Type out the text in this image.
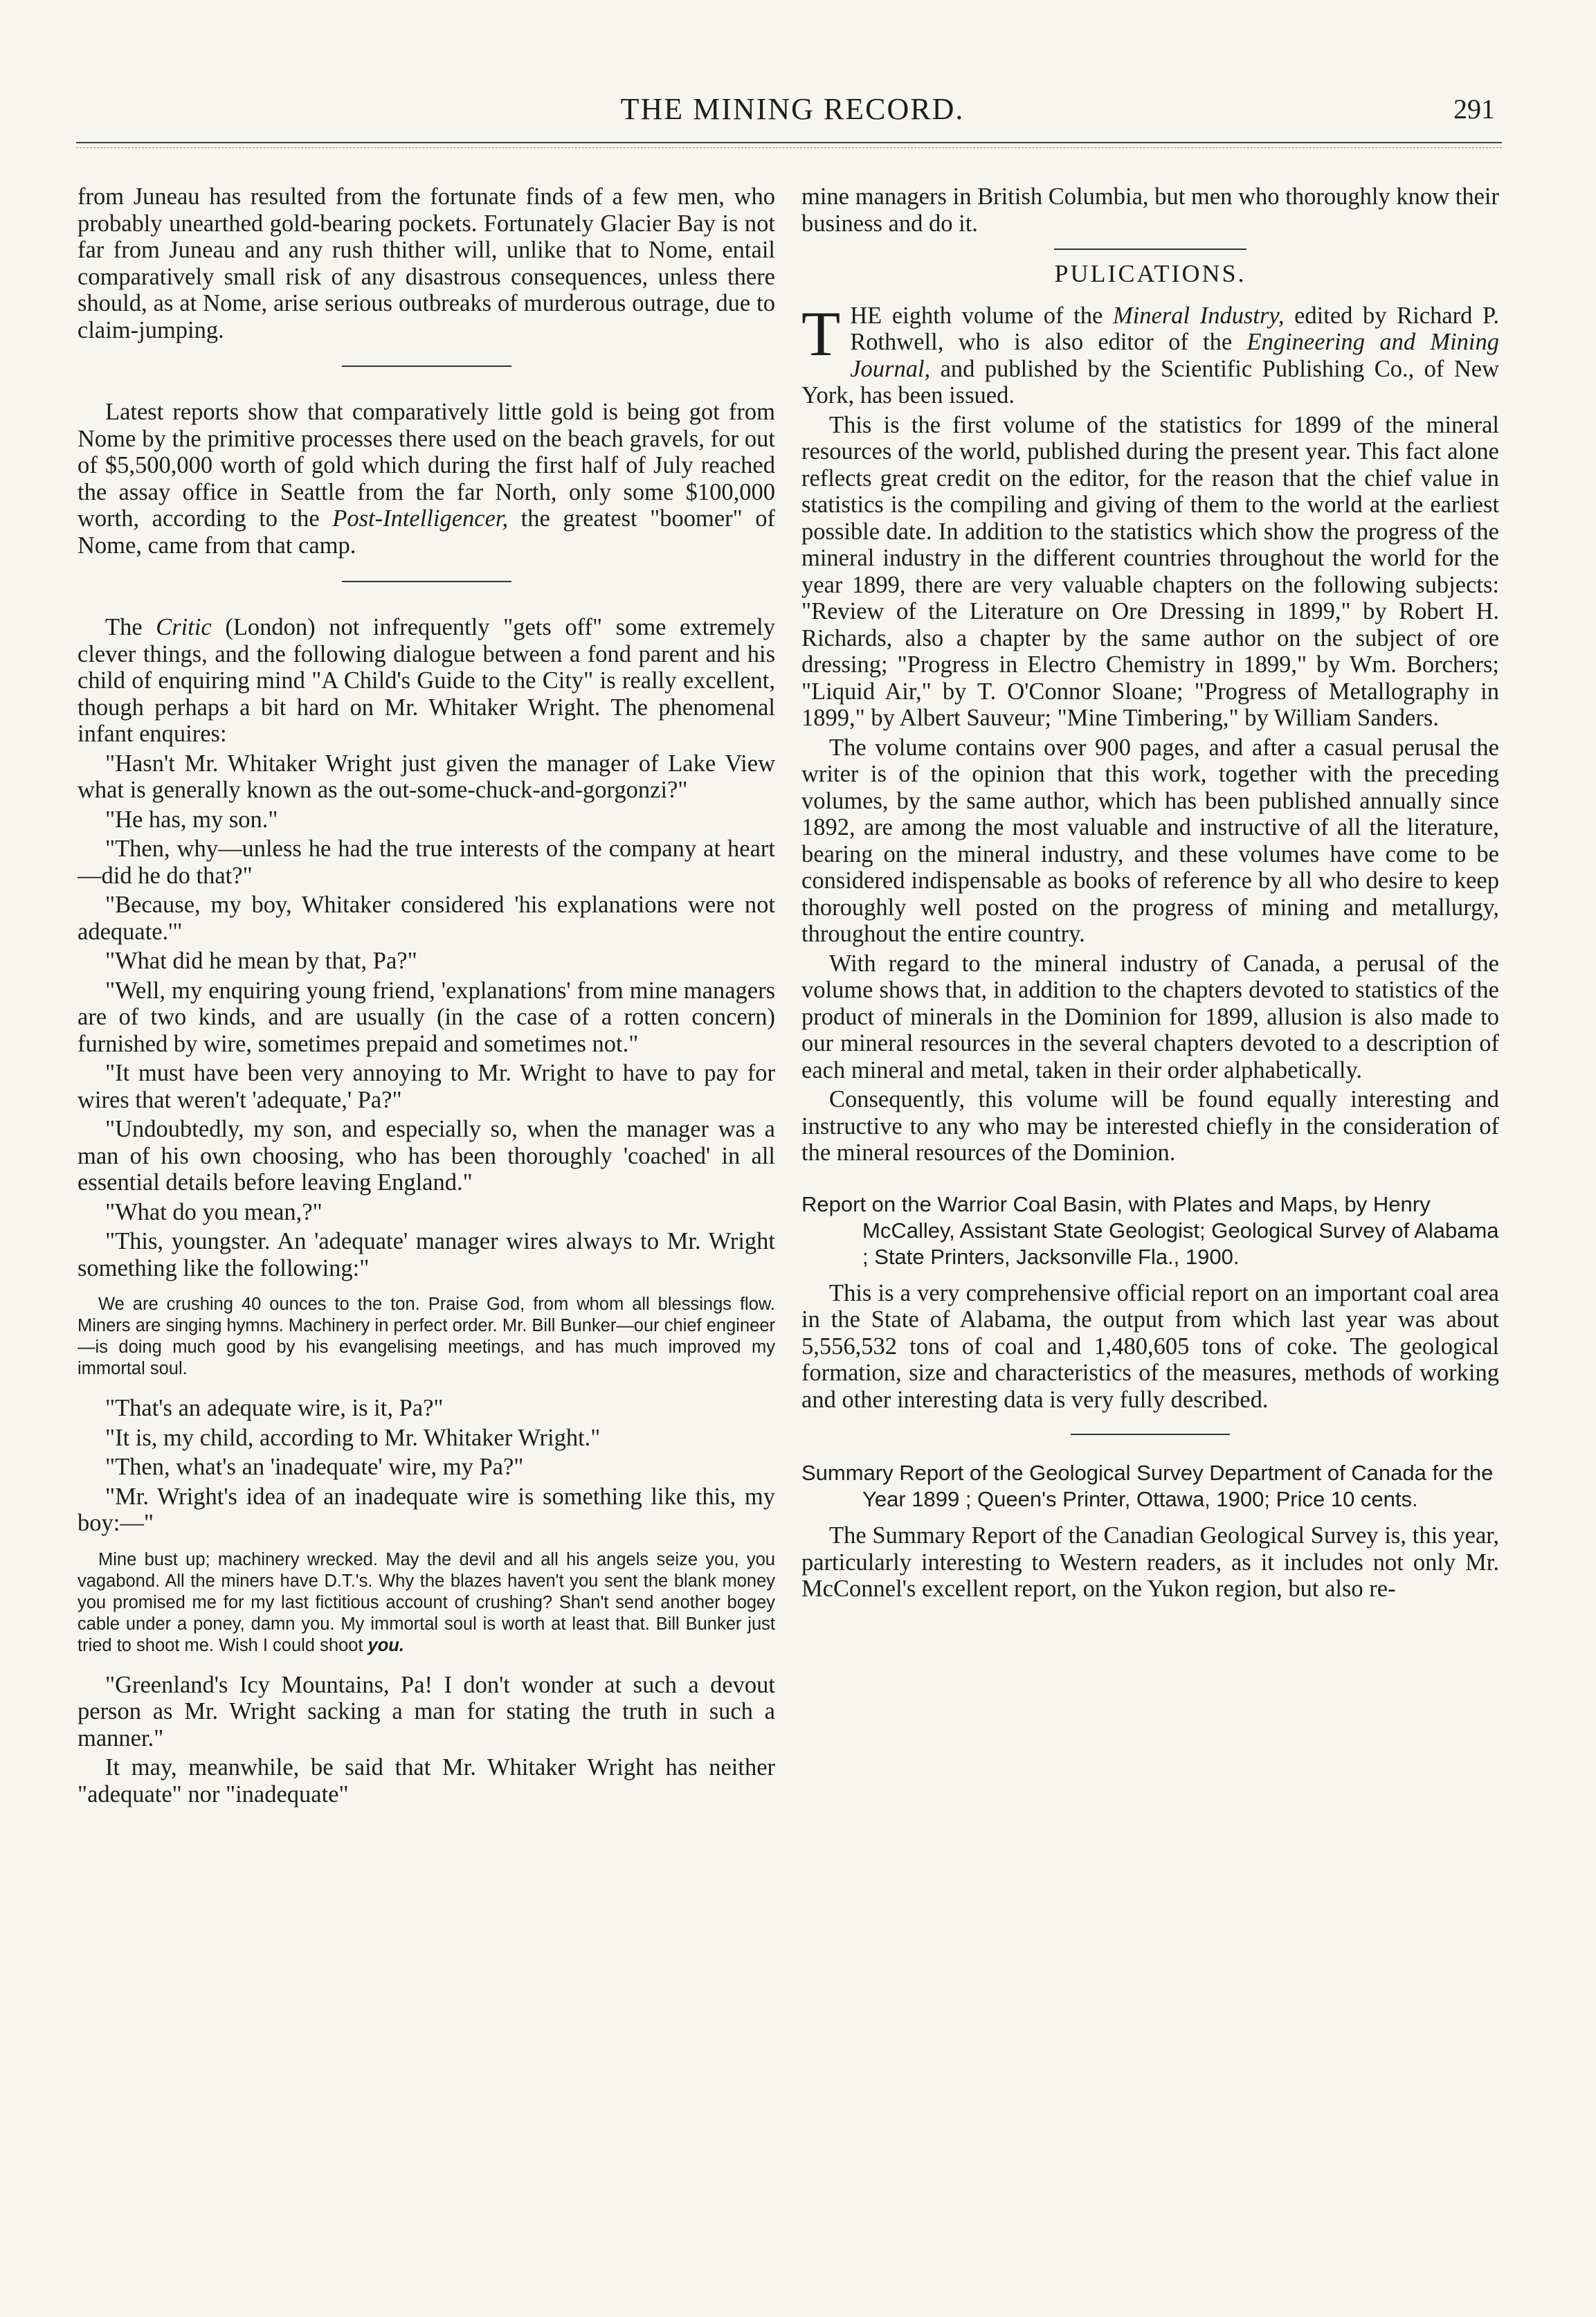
THE MINING RECORD.	291

from Juneau has resulted from the fortunate finds of a few men, who probably unearthed gold-bearing pockets. Fortunately Glacier Bay is not far from Juneau and any rush thither will, unlike that to Nome, entail comparatively small risk of any disastrous consequences, unless there should, as at Nome, arise serious outbreaks of murderous outrage, due to claim-jumping.

Latest reports show that comparatively little gold is being got from Nome by the primitive processes there used on the beach gravels, for out of $5,500,000 worth of gold which during the first half of July reached the assay office in Seattle from the far North, only some $100,000 worth, according to the Post-Intelligencer, the greatest "boomer" of Nome, came from that camp.

The Critic (London) not infrequently "gets off" some extremely clever things, and the following dialogue between a fond parent and his child of enquiring mind "A Child's Guide to the City" is really excellent, though perhaps a bit hard on Mr. Whitaker Wright. The phenomenal infant enquires:

"Hasn't Mr. Whitaker Wright just given the manager of Lake View what is generally known as the out-some-chuck-and-gorgonzi?"

"He has, my son."

"Then, why—unless he had the true interests of the company at heart—did he do that?"

"Because, my boy, Whitaker considered 'his explanations were not adequate.'"

"What did he mean by that, Pa?"

"Well, my enquiring young friend, 'explanations' from mine managers are of two kinds, and are usually (in the case of a rotten concern) furnished by wire, sometimes prepaid and sometimes not."

"It must have been very annoying to Mr. Wright to have to pay for wires that weren't 'adequate,' Pa?"

"Undoubtedly, my son, and especially so, when the manager was a man of his own choosing, who has been thoroughly 'coached' in all essential details before leaving England."

"What do you mean,?"

"This, youngster. An 'adequate' manager wires always to Mr. Wright something like the following:"

We are crushing 40 ounces to the ton. Praise God, from whom all blessings flow. Miners are singing hymns. Machinery in perfect order. Mr. Bill Bunker—our chief engineer —is doing much good by his evangelising meetings, and has much improved my immortal soul.

"That's an adequate wire, is it, Pa?"

"It is, my child, according to Mr. Whitaker Wright."

"Then, what's an 'inadequate' wire, my Pa?"

"Mr. Wright's idea of an inadequate wire is something like this, my boy:—"

Mine bust up; machinery wrecked. May the devil and all his angels seize you, you vagabond. All the miners have D.T.'s. Why the blazes haven't you sent the blank money you promised me for my last fictitious account of crushing? Shan't send another bogey cable under a poney, damn you. My immortal soul is worth at least that. Bill Bunker just tried to shoot me. Wish I could shoot you.

"Greenland's Icy Mountains, Pa! I don't wonder at such a devout person as Mr. Wright sacking a man for stating the truth in such a manner."

It may, meanwhile, be said that Mr. Whitaker Wright has neither "adequate" nor "inadequate"

mine managers in British Columbia, but men who thoroughly know their business and do it.

PULICATIONS.

THE eighth volume of the Mineral Industry, edited by Richard P. Rothwell, who is also editor of the Engineering and Mining Journal, and published by the Scientific Publishing Co., of New York, has been issued.

This is the first volume of the statistics for 1899 of the mineral resources of the world, published during the present year. This fact alone reflects great credit on the editor, for the reason that the chief value in statistics is the compiling and giving of them to the world at the earliest possible date. In addition to the statistics which show the progress of the mineral industry in the different countries throughout the world for the year 1899, there are very valuable chapters on the following subjects: "Review of the Literature on Ore Dressing in 1899," by Robert H. Richards, also a chapter by the same author on the subject of ore dressing; "Progress in Electro Chemistry in 1899," by Wm. Borchers; "Liquid Air," by T. O'Connor Sloane; "Progress of Metallography in 1899," by Albert Sauveur; "Mine Timbering," by William Sanders.

The volume contains over 900 pages, and after a casual perusal the writer is of the opinion that this work, together with the preceding volumes, by the same author, which has been published annually since 1892, are among the most valuable and instructive of all the literature, bearing on the mineral industry, and these volumes have come to be considered indispensable as books of reference by all who desire to keep thoroughly well posted on the progress of mining and metallurgy, throughout the entire country.

With regard to the mineral industry of Canada, a perusal of the volume shows that, in addition to the chapters devoted to statistics of the product of minerals in the Dominion for 1899, allusion is also made to our mineral resources in the several chapters devoted to a description of each mineral and metal, taken in their order alphabetically.

Consequently, this volume will be found equally interesting and instructive to any who may be interested chiefly in the consideration of the mineral resources of the Dominion.

Report on the Warrior Coal Basin, with Plates and Maps, by Henry McCalley, Assistant State Geologist; Geological Survey of Alabama ; State Printers, Jacksonville Fla., 1900.

This is a very comprehensive official report on an important coal area in the State of Alabama, the output from which last year was about 5,556,532 tons of coal and 1,480,605 tons of coke. The geological formation, size and characteristics of the measures, methods of working and other interesting data is very fully described.

Summary Report of the Geological Survey Department of Canada for the Year 1899 ; Queen's Printer, Ottawa, 1900; Price 10 cents.

The Summary Report of the Canadian Geological Survey is, this year, particularly interesting to Western readers, as it includes not only Mr. McConnel's excellent report, on the Yukon region, but also re-
